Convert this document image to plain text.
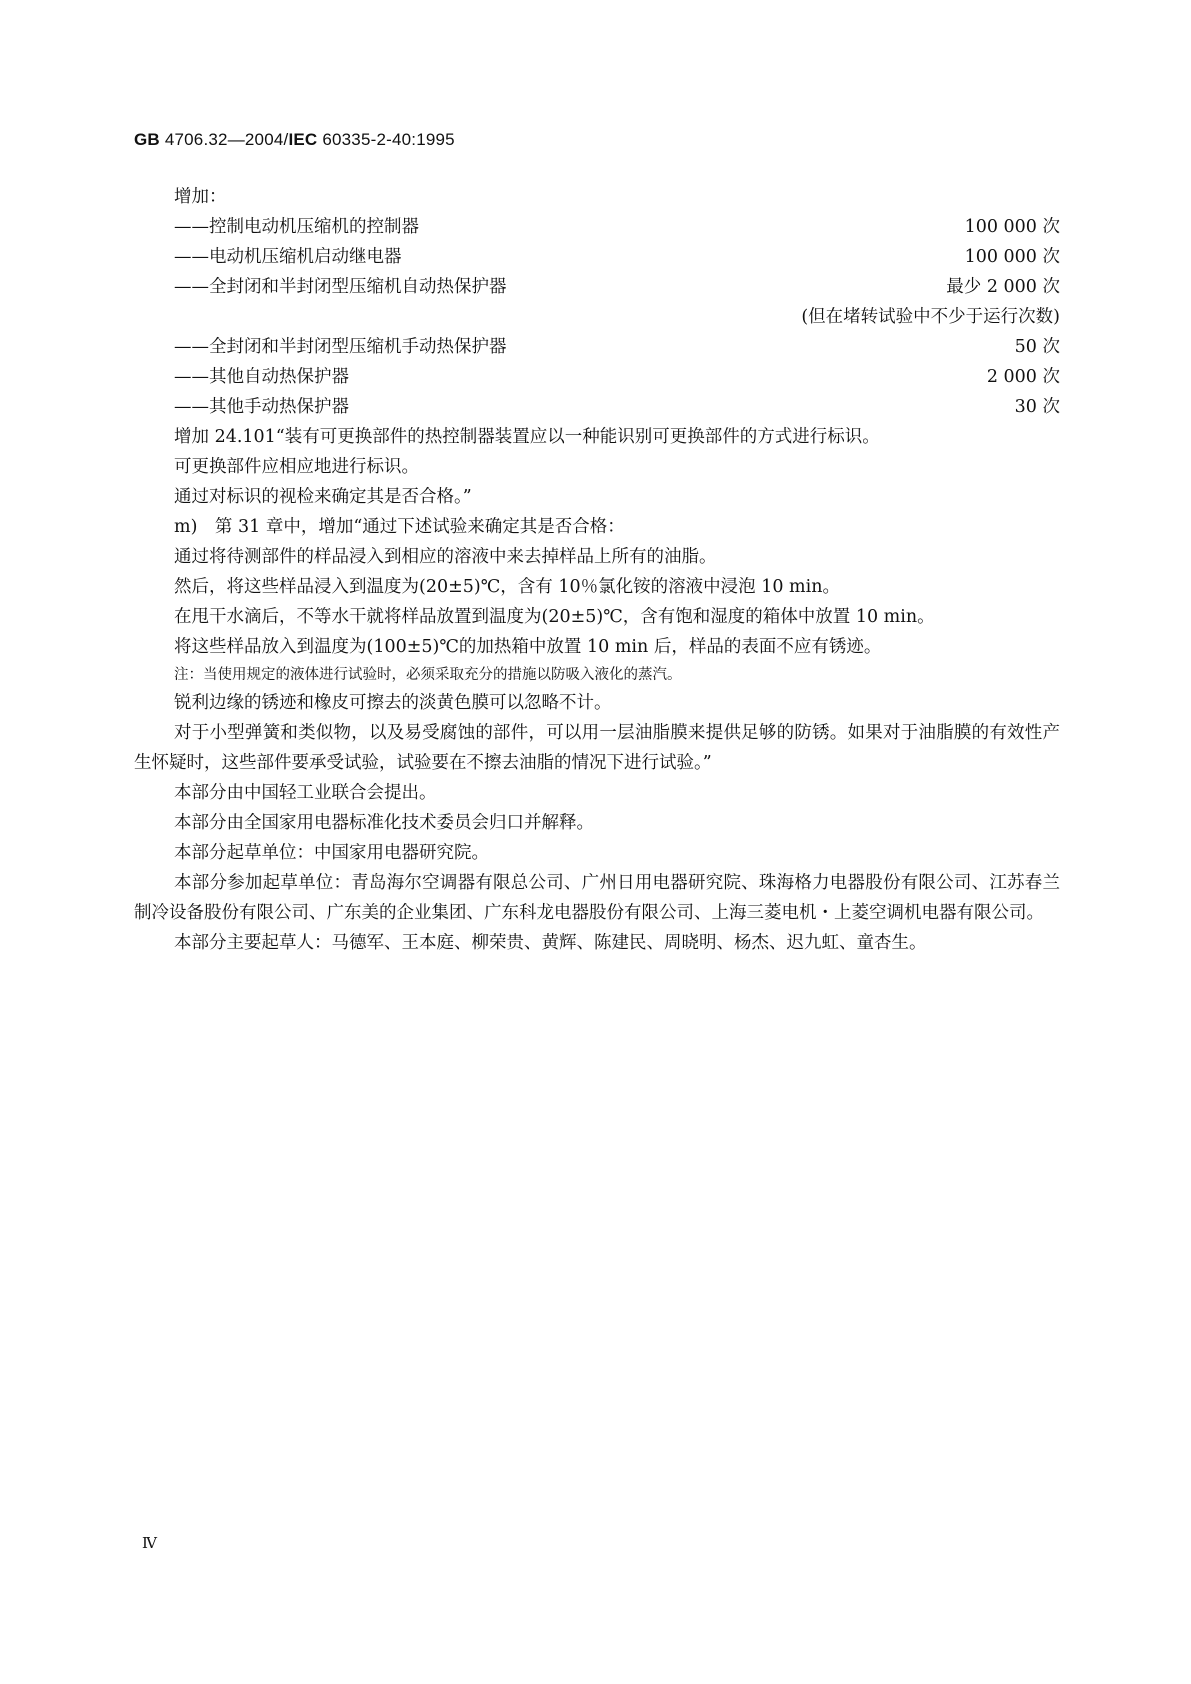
GB 4706.32—2004/IEC 60335-2-40:1995
增加：
——控制电动机压缩机的控制器	100 000 次
——电动机压缩机启动继电器	100 000 次
——全封闭和半封闭型压缩机自动热保护器	最少 2 000 次
(但在堵转试验中不少于运行次数)
——全封闭和半封闭型压缩机手动热保护器	50 次
——其他自动热保护器	2 000 次
——其他手动热保护器	30 次
增加 24.101“装有可更换部件的热控制器装置应以一种能识别可更换部件的方式进行标识。
可更换部件应相应地进行标识。
通过对标识的视检来确定其是否合格。”
m)　第 31 章中，增加“通过下述试验来确定其是否合格：
通过将待测部件的样品浸入到相应的溶液中来去掉样品上所有的油脂。
然后，将这些样品浸入到温度为(20±5)℃，含有 10％氯化铵的溶液中浸泡 10 min。
在甩干水滴后，不等水干就将样品放置到温度为(20±5)℃，含有饱和湿度的箱体中放置 10 min。
将这些样品放入到温度为(100±5)℃的加热箱中放置 10 min 后，样品的表面不应有锈迹。
注：当使用规定的液体进行试验时，必须采取充分的措施以防吸入液化的蒸汽。
锐利边缘的锈迹和橡皮可擦去的淡黄色膜可以忽略不计。
对于小型弹簧和类似物，以及易受腐蚀的部件，可以用一层油脂膜来提供足够的防锈。如果对于油脂膜的有效性产生怀疑时，这些部件要承受试验，试验要在不擦去油脂的情况下进行试验。”
本部分由中国轻工业联合会提出。
本部分由全国家用电器标准化技术委员会归口并解释。
本部分起草单位：中国家用电器研究院。
本部分参加起草单位：青岛海尔空调器有限总公司、广州日用电器研究院、珠海格力电器股份有限公司、江苏春兰制冷设备股份有限公司、广东美的企业集团、广东科龙电器股份有限公司、上海三菱电机・上菱空调机电器有限公司。
本部分主要起草人：马德军、王本庭、柳荣贵、黄辉、陈建民、周晓明、杨杰、迟九虹、童杏生。
Ⅳ
